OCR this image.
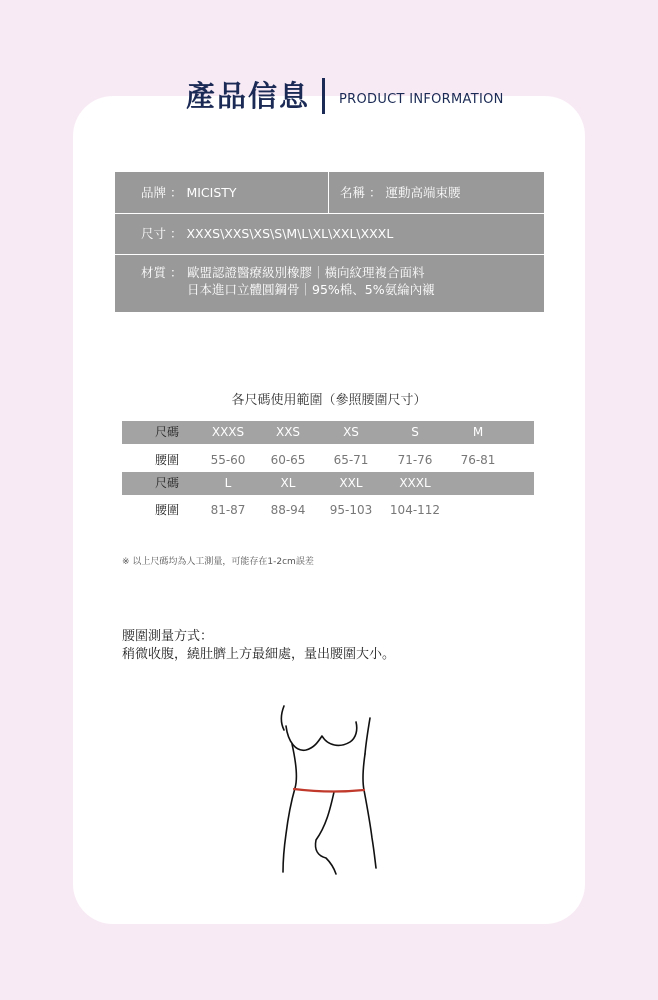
產品信息 PRODUCT INFORMATION
品牌 ： MICISTY	名稱 ： 運動高端束腰
尺寸 ： XXXS\XXS\XS\S\M\L\XL\XXL\XXXL
材質 ： 歐盟認證醫療級別橡膠｜橫向紋理複合面料
日本進口立體圓鋼骨｜95%棉、5%氨綸內襯
各尺碼使用範圍（參照腰圍尺寸）
尺碼	XXXS	XXS	XS	S	M
腰圍	55-60	60-65	65-71	71-76	76-81
尺碼	L	XL	XXL	XXXL
腰圍	81-87	88-94	95-103	104-112
※ 以上尺碼均為人工測量，可能存在1-2cm誤差
腰圍測量方式：
稍微收腹，繞肚臍上方最細處，量出腰圍大小。
